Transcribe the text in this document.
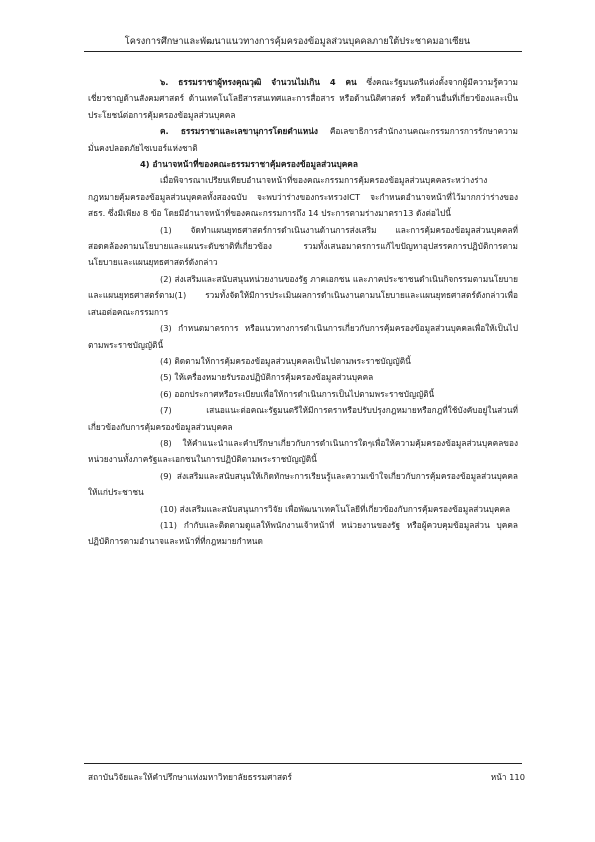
โครงการศึกษาและพัฒนาแนวทางการคุ้มครองข้อมูลส่วนบุคคลภายใต้ประชาคมอาเซียน

๖. ธรรมราชาผู้ทรงคุณวุฒิ จำนวนไม่เกิน 4 คน ซึ่งคณะรัฐมนตรีแต่งตั้งจากผู้มีความรู้ความเชี่ยวชาญด้านสังคมศาสตร์ ด้านเทคโนโลยีสารสนเทศและการสื่อสาร หรือด้านนิติศาสตร์ หรือด้านอื่นที่เกี่ยวข้องและเป็นประโยชน์ต่อการคุ้มครองข้อมูลส่วนบุคคล

ค. ธรรมราชาและเลขานุการโดยตำแหน่ง คือเลขาธิการสำนักงานคณะกรรมการการรักษาความมั่นคงปลอดภัยไซเบอร์แห่งชาติ

4) อำนาจหน้าที่ของคณะธรรมราชาคุ้มครองข้อมูลส่วนบุคคล

เมื่อพิจารณาเปรียบเทียบอำนาจหน้าที่ของคณะกรรมการคุ้มครองข้อมูลส่วนบุคคลระหว่างร่างกฎหมายคุ้มครองข้อมูลส่วนบุคคลทั้งสองฉบับ จะพบว่าร่างของกระทรวงICT จะกำหนดอำนาจหน้าที่ไว้มากกว่าร่างของ สธร. ซึ่งมีเพียง 8 ข้อ โดยมีอำนาจหน้าที่ของคณะกรรมการถึง 14 ประการตามร่างมาตรา13 ดังต่อไปนี้

(1) จัดทำแผนยุทธศาสตร์การดำเนินงานด้านการส่งเสริม และการคุ้มครองข้อมูลส่วนบุคคลที่สอดคล้องตามนโยบายและแผนระดับชาติที่เกี่ยวข้อง รวมทั้งเสนอมาตรการแก้ไขปัญหาอุปสรรคการปฏิบัติการตามนโยบายและแผนยุทธศาสตร์ดังกล่าว

(2) ส่งเสริมและสนับสนุนหน่วยงานของรัฐ ภาคเอกชน และภาคประชาชนดำเนินกิจกรรมตามนโยบายและแผนยุทธศาสตร์ตาม(1) รวมทั้งจัดให้มีการประเมินผลการดำเนินงานตามนโยบายและแผนยุทธศาสตร์ดังกล่าวเพื่อเสนอต่อคณะกรรมการ

(3) กำหนดมาตรการ หรือแนวทางการดำเนินการเกี่ยวกับการคุ้มครองข้อมูลส่วนบุคคลเพื่อให้เป็นไปตามพระราชบัญญัตินี้

(4) ติดตามให้การคุ้มครองข้อมูลส่วนบุคคลเป็นไปตามพระราชบัญญัตินี้

(5) ให้เครื่องหมายรับรองปฏิบัติการคุ้มครองข้อมูลส่วนบุคคล

(6) ออกประกาศหรือระเบียบเพื่อให้การดำเนินการเป็นไปตามพระราชบัญญัตินี้

(7) เสนอแนะต่อคณะรัฐมนตรีให้มีการตราหรือปรับปรุงกฎหมายหรือกฎที่ใช้บังคับอยู่ในส่วนที่เกี่ยวข้องกับการคุ้มครองข้อมูลส่วนบุคคล

(8) ให้คำแนะนำและคำปรึกษาเกี่ยวกับการดำเนินการใดๆเพื่อให้ความคุ้มครองข้อมูลส่วนบุคคลของหน่วยงานทั้งภาครัฐและเอกชนในการปฏิบัติตามพระราชบัญญัตินี้

(9) ส่งเสริมและสนับสนุนให้เกิดทักษะการเรียนรู้และความเข้าใจเกี่ยวกับการคุ้มครองข้อมูลส่วนบุคคลให้แก่ประชาชน

(10) ส่งเสริมและสนับสนุนการวิจัย เพื่อพัฒนาเทคโนโลยีที่เกี่ยวข้องกับการคุ้มครองข้อมูลส่วนบุคคล

(11) กำกับและติดตามดูแลให้พนักงานเจ้าหน้าที่ หน่วยงานของรัฐ หรือผู้ควบคุมข้อมูลส่วน บุคคลปฏิบัติการตามอำนาจและหน้าที่ที่กฎหมายกำหนด

สถาบันวิจัยและให้คำปรึกษาแห่งมหาวิทยาลัยธรรมศาสตร์	หน้า 110
